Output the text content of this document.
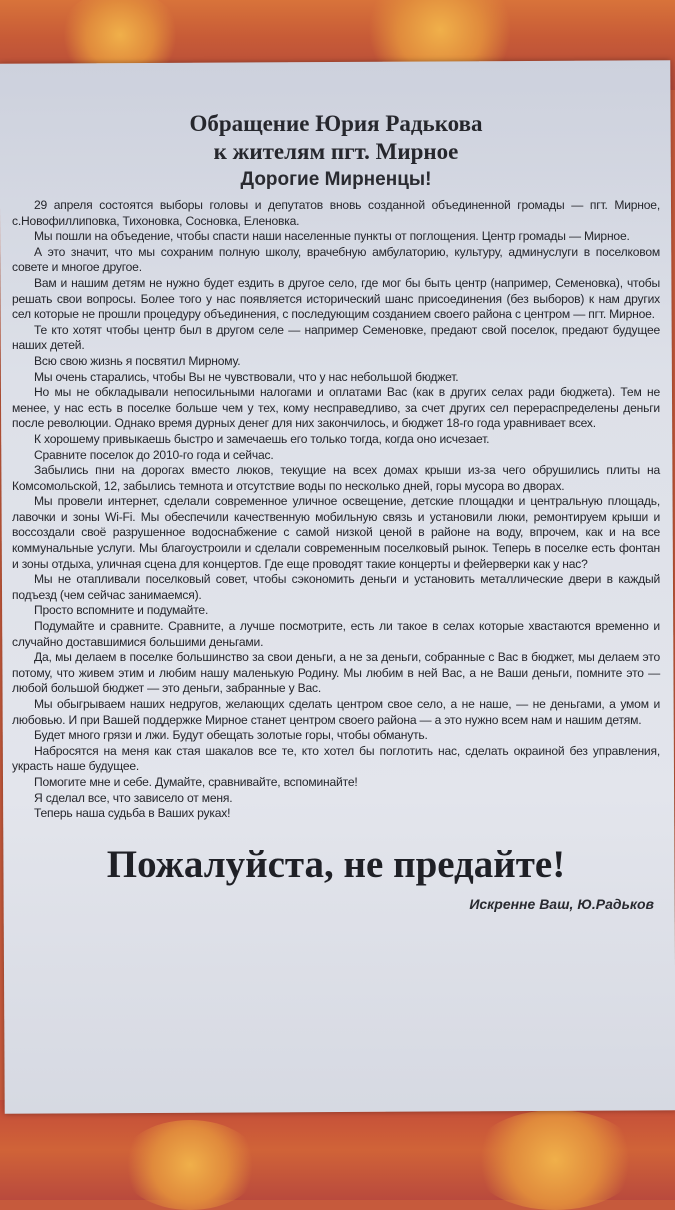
Обращение Юрия Радькова
к жителям пгт. Мирное
Дорогие Мирненцы!

29 апреля состоятся выборы головы и депутатов вновь созданной объединенной громады — пгт. Мирное, с.Новофиллиповка, Тихоновка, Сосновка, Еленовка.

Мы пошли на объедение, чтобы спасти наши населенные пункты от поглощения. Центр громады — Мирное.

А это значит, что мы сохраним полную школу, врачебную амбулаторию, культуру, админуслуги в поселковом совете и многое другое.

Вам и нашим детям не нужно будет ездить в другое село, где мог бы быть центр (например, Семеновка), чтобы решать свои вопросы. Более того у нас появляется исторический шанс присоединения (без выборов) к нам других сел которые не прошли процедуру объединения, с последующим созданием своего района с центром — пгт. Мирное.

Те кто хотят чтобы центр был в другом селе — например Семеновке, предают свой поселок, предают будущее наших детей.

Всю свою жизнь я посвятил Мирному.

Мы очень старались, чтобы Вы не чувствовали, что у нас небольшой бюджет.

Но мы не обкладывали непосильными налогами и оплатами Вас (как в других селах ради бюджета). Тем не менее, у нас есть в поселке больше чем у тех, кому несправедливо, за счет других сел перераспределены деньги после революции. Однако время дурных денег для них закончилось, и бюджет 18-го года уравнивает всех.

К хорошему привыкаешь быстро и замечаешь его только тогда, когда оно исчезает.

Сравните поселок до 2010-го года и сейчас.

Забылись пни на дорогах вместо люков, текущие на всех домах крыши из-за чего обрушились плиты на Комсомольской, 12, забылись темнота и отсутствие воды по несколько дней, горы мусора во дворах.

Мы провели интернет, сделали современное уличное освещение, детские площадки и центральную площадь, лавочки и зоны Wi-Fi. Мы обеспечили качественную мобильную связь и установили люки, ремонтируем крыши и воссоздали своё разрушенное водоснабжение с самой низкой ценой в районе на воду, впрочем, как и на все коммунальные услуги. Мы благоустроили и сделали современным поселковый рынок. Теперь в поселке есть фонтан и зоны отдыха, уличная сцена для концертов. Где еще проводят такие концерты и фейерверки как у нас?

Мы не отапливали поселковый совет, чтобы сэкономить деньги и установить металлические двери в каждый подъезд (чем сейчас занимаемся).

Просто вспомните и подумайте.

Подумайте и сравните. Сравните, а лучше посмотрите, есть ли такое в селах которые хвастаются временно и случайно доставшимися большими деньгами.

Да, мы делаем в поселке большинство за свои деньги, а не за деньги, собранные с Вас в бюджет, мы делаем это потому, что живем этим и любим нашу маленькую Родину. Мы любим в ней Вас, а не Ваши деньги, помните это — любой большой бюджет — это деньги, забранные у Вас.

Мы обыгрываем наших недругов, желающих сделать центром свое село, а не наше, — не деньгами, а умом и любовью. И при Вашей поддержке Мирное станет центром своего района — а это нужно всем нам и нашим детям.

Будет много грязи и лжи. Будут обещать золотые горы, чтобы обмануть.

Набросятся на меня как стая шакалов все те, кто хотел бы поглотить нас, сделать окраиной без управления, украсть наше будущее.

Помогите мне и себе. Думайте, сравнивайте, вспоминайте!

Я сделал все, что зависело от меня.

Теперь наша судьба в Ваших руках!

Пожалуйста, не предайте!
Искренне Ваш, Ю.Радьков
